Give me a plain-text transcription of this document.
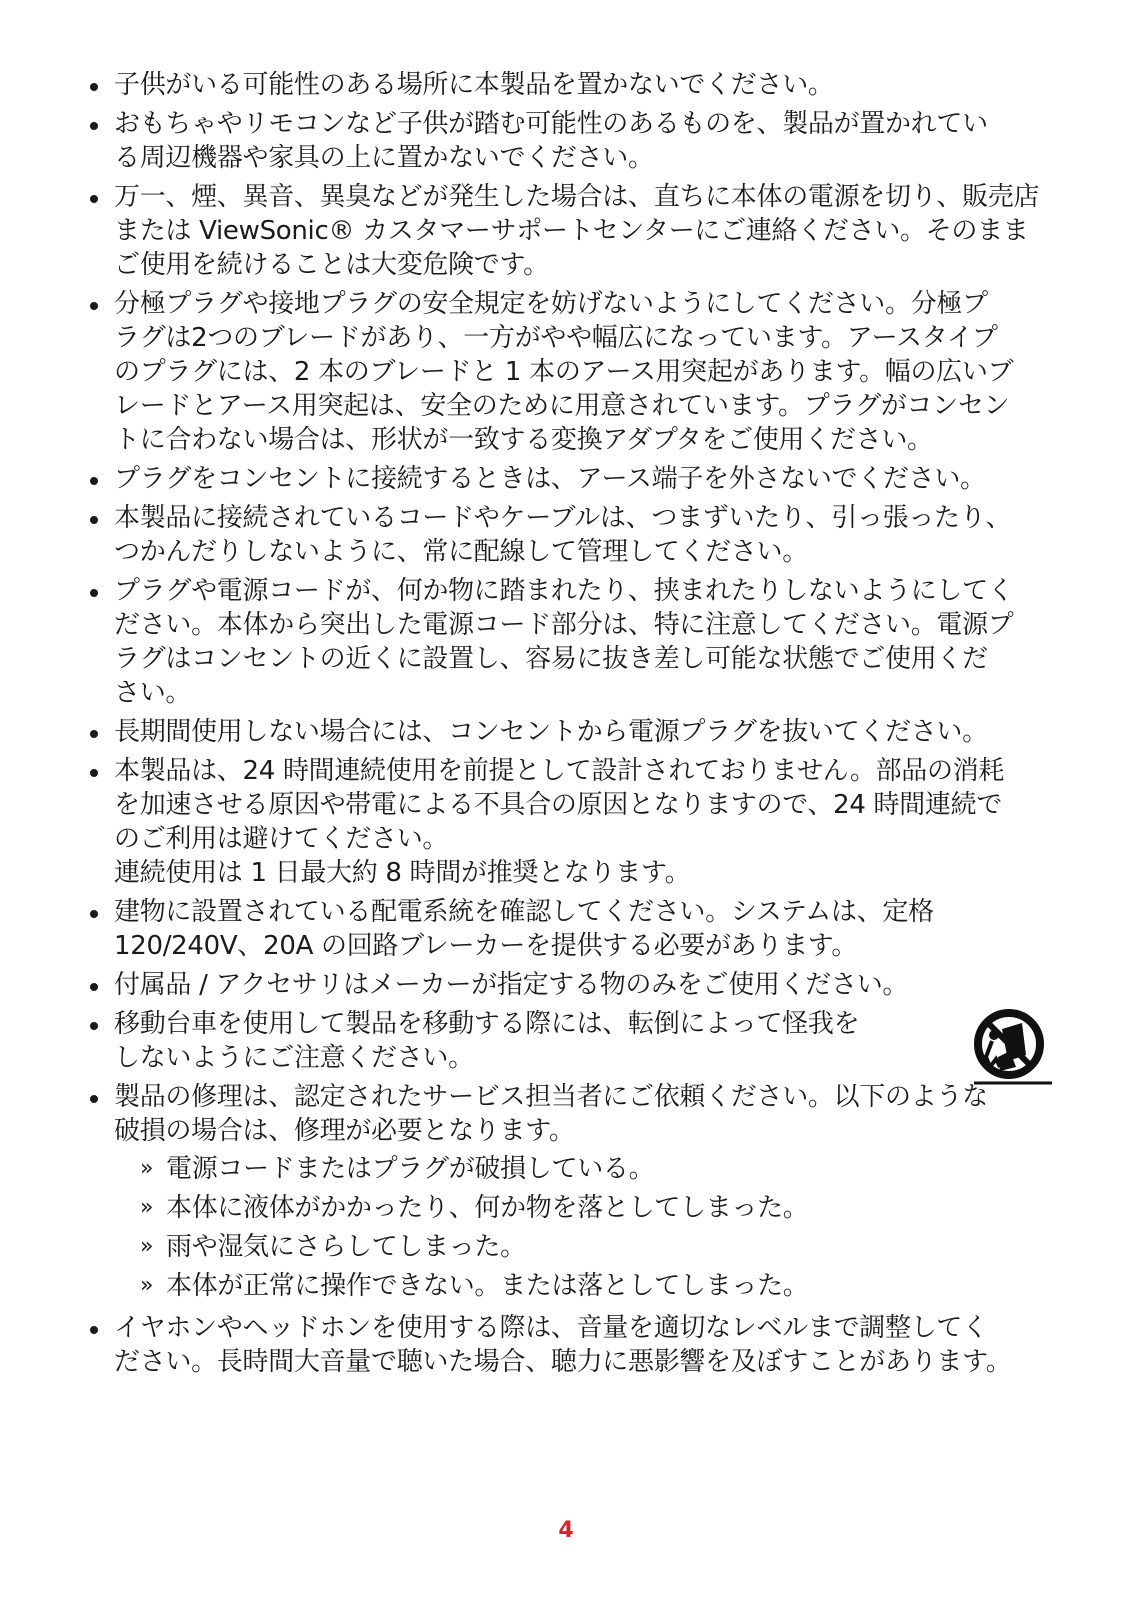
子供がいる可能性のある場所に本製品を置かないでください。
おもちゃやリモコンなど子供が踏む可能性のあるものを、製品が置かれてい
る周辺機器や家具の上に置かないでください。
万一、煙、異音、異臭などが発生した場合は、直ちに本体の電源を切り、販売店
または ViewSonic® カスタマーサポートセンターにご連絡ください。そのまま
ご使用を続けることは大変危険です。
分極プラグや接地プラグの安全規定を妨げないようにしてください。分極プ
ラグは2つのブレードがあり、一方がやや幅広になっています。アースタイプ
のプラグには、2 本のブレードと 1 本のアース用突起があります。幅の広いブ
レードとアース用突起は、安全のために用意されています。プラグがコンセン
トに合わない場合は、形状が一致する変換アダプタをご使用ください。
プラグをコンセントに接続するときは、アース端子を外さないでください。
本製品に接続されているコードやケーブルは、つまずいたり、引っ張ったり、
つかんだりしないように、常に配線して管理してください。
プラグや電源コードが、何か物に踏まれたり、挟まれたりしないようにしてく
ださい。本体から突出した電源コード部分は、特に注意してください。電源プ
ラグはコンセントの近くに設置し、容易に抜き差し可能な状態でご使用くだ
さい。
長期間使用しない場合には、コンセントから電源プラグを抜いてください。
本製品は、24 時間連続使用を前提として設計されておりません。部品の消耗
を加速させる原因や帯電による不具合の原因となりますので、24 時間連続で
のご利用は避けてください。
連続使用は 1 日最大約 8 時間が推奨となります。
建物に設置されている配電系統を確認してください。システムは、定格
120/240V、20A の回路ブレーカーを提供する必要があります。
付属品 / アクセサリはメーカーが指定する物のみをご使用ください。
移動台車を使用して製品を移動する際には、転倒によって怪我を
しないようにご注意ください。
製品の修理は、認定されたサービス担当者にご依頼ください。以下のような
破損の場合は、修理が必要となります。
» 電源コードまたはプラグが破損している。
» 本体に液体がかかったり、何か物を落としてしまった。
» 雨や湿気にさらしてしまった。
» 本体が正常に操作できない。または落としてしまった。
イヤホンやヘッドホンを使用する際は、音量を適切なレベルまで調整してく
ださい。長時間大音量で聴いた場合、聴力に悪影響を及ぼすことがあります。
4
